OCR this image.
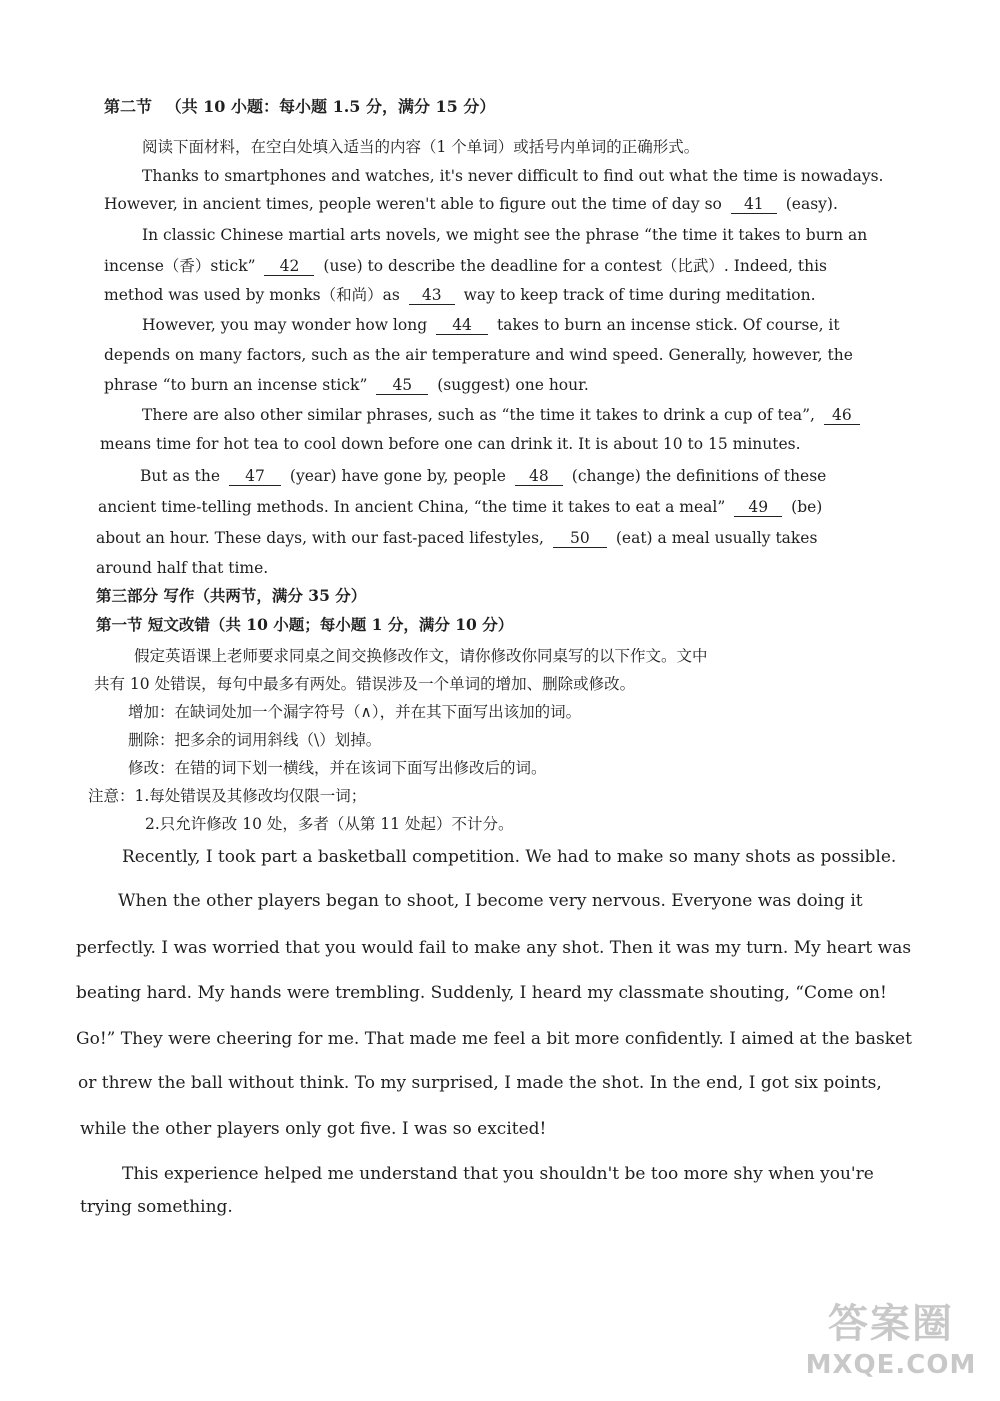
第二节 （共 10 小题：每小题 1.5 分，满分 15 分）
阅读下面材料，在空白处填入适当的内容（1 个单词）或括号内单词的正确形式。
Thanks to smartphones and watches, it's never difficult to find out what the time is nowadays.
However, in ancient times, people weren't able to figure out the time of day so 41 (easy).
In classic Chinese martial arts novels, we might see the phrase “the time it takes to burn an
incense（香）stick” 42 (use) to describe the deadline for a contest（比武）. Indeed, this
method was used by monks（和尚）as 43 way to keep track of time during meditation.
However, you may wonder how long 44 takes to burn an incense stick. Of course, it
depends on many factors, such as the air temperature and wind speed. Generally, however, the
phrase “to burn an incense stick” 45 (suggest) one hour.
There are also other similar phrases, such as “the time it takes to drink a cup of tea”, 46
means time for hot tea to cool down before one can drink it. It is about 10 to 15 minutes.
But as the 47 (year) have gone by, people 48 (change) the definitions of these
ancient time-telling methods. In ancient China, “the time it takes to eat a meal” 49 (be)
about an hour. These days, with our fast-paced lifestyles, 50 (eat) a meal usually takes
around half that time.
第三部分 写作（共两节，满分 35 分）
第一节 短文改错（共 10 小题；每小题 1 分，满分 10 分）
假定英语课上老师要求同桌之间交换修改作文，请你修改你同桌写的以下作文。文中
共有 10 处错误，每句中最多有两处。错误涉及一个单词的增加、删除或修改。
增加：在缺词处加一个漏字符号（∧），并在其下面写出该加的词。
删除：把多余的词用斜线（\）划掉。
修改：在错的词下划一横线，并在该词下面写出修改后的词。
注意：1.每处错误及其修改均仅限一词；
2.只允许修改 10 处，多者（从第 11 处起）不计分。
Recently, I took part a basketball competition. We had to make so many shots as possible.
When the other players began to shoot, I become very nervous. Everyone was doing it
perfectly. I was worried that you would fail to make any shot. Then it was my turn. My heart was
beating hard. My hands were trembling. Suddenly, I heard my classmate shouting, “Come on!
Go!” They were cheering for me. That made me feel a bit more confidently. I aimed at the basket
or threw the ball without think. To my surprised, I made the shot. In the end, I got six points,
while the other players only got five. I was so excited!
This experience helped me understand that you shouldn't be too more shy when you're
trying something.
答案圈
MXQE.COM
